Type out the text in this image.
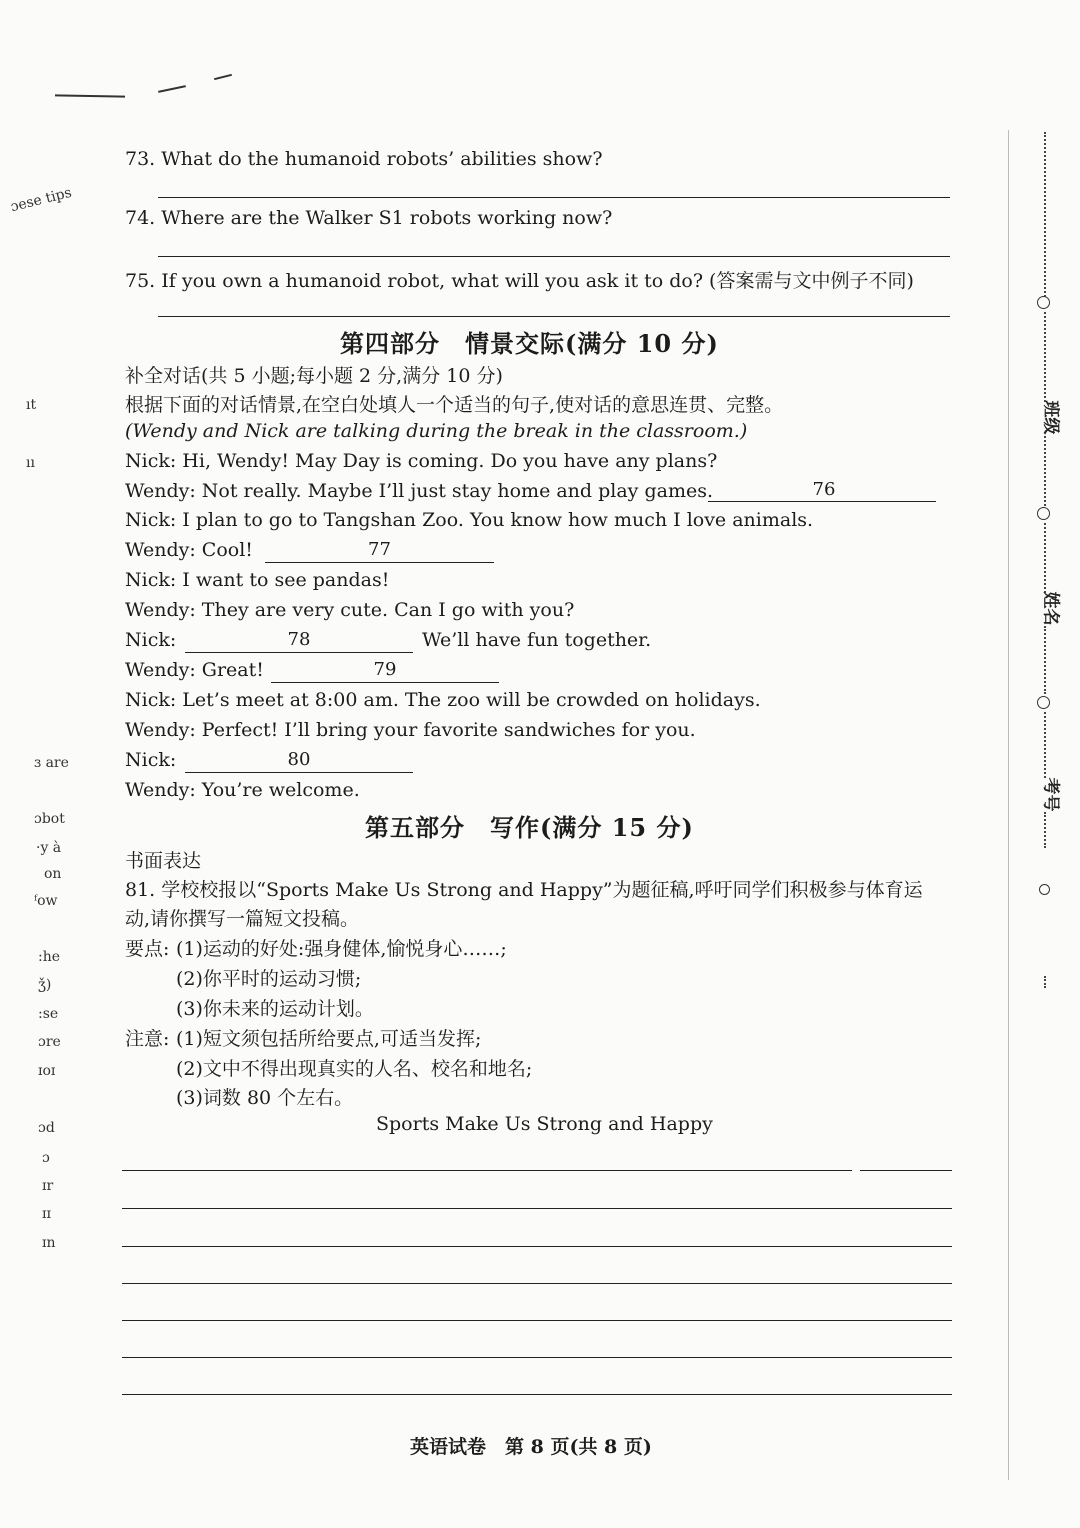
ɔese tips
ıt
ıı
ɜ are
ɔbot
·y à
on
ᶠow
:he
ǯ)
:se
ɔre
ɪoɪ
ɔd
ɔ
ɪr
ɪɪ
ɪn
班级
姓名
考号
73. What do the humanoid robots’ abilities show?
74. Where are the Walker S1 robots working now?
75. If you own a humanoid robot, what will you ask it to do? (答案需与文中例子不同)
第四部分　情景交际(满分 10 分)
补全对话(共 5 小题;每小题 2 分,满分 10 分)
根据下面的对话情景,在空白处填人一个适当的句子,使对话的意思连贯、完整。
(Wendy and Nick are talking during the break in the classroom.)
Nick: Hi, Wendy! May Day is coming. Do you have any plans?
Wendy: Not really. Maybe I’ll just stay home and play games.	76
Nick: I plan to go to Tangshan Zoo. You know how much I love animals.
Wendy: Cool!	77
Nick: I want to see pandas!
Wendy: They are very cute. Can I go with you?
Nick:	78	We’ll have fun together.
Wendy: Great!	79
Nick: Let’s meet at 8:00 am. The zoo will be crowded on holidays.
Wendy: Perfect! I’ll bring your favorite sandwiches for you.
Nick:	80
Wendy: You’re welcome.
第五部分　写作(满分 15 分)
书面表达
81. 学校校报以“Sports Make Us Strong and Happy”为题征稿,呼吁同学们积极参与体育运
动,请你撰写一篇短文投稿。
要点: (1)运动的好处:强身健体,愉悦身心……;
(2)你平时的运动习惯;
(3)你未来的运动计划。
注意: (1)短文须包括所给要点,可适当发挥;
(2)文中不得出现真实的人名、校名和地名;
(3)词数 80 个左右。
Sports Make Us Strong and Happy
英语试卷　第 8 页(共 8 页)
